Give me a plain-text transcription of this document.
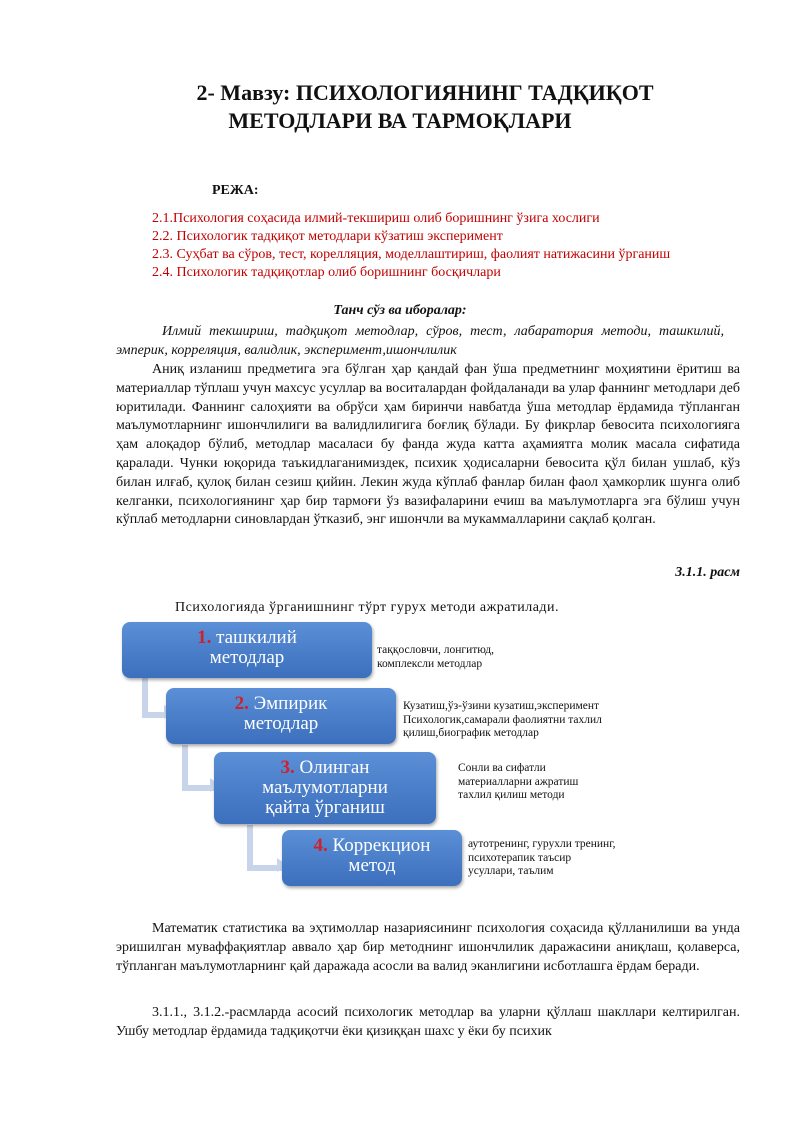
2- Мавзу: ПСИХОЛОГИЯНИНГ ТАДҚИҚОТ
МЕТОДЛАРИ ВА ТАРМОҚЛАРИ
РЕЖА:

2.1.Психология соҳасида илмий-текшириш олиб боришнинг ўзига хослиги

2.2. Психологик тадқиқот методлари кўзатиш эксперимент

2.3. Суҳбат ва сўров, тест, корелляция, моделлаштириш, фаолият натижасини ўрганиш

2.4. Психологик тадқиқотлар олиб боришнинг босқичлари

Танч сўз ва иборалар:
Илмий текшириш, тадқиқот методлар, сўров, тест, лабаратория методи, ташкилий, эмперик, корреляция, валидлик, эксперимент,ишончлилик

Аниқ изланиш предметига эга бўлган ҳар қандай фан ўша предметнинг моҳиятини ёритиш ва материаллар тўплаш учун махсус усуллар ва воситалардан фойдаланади ва улар фаннинг методлари деб юритилади. Фаннинг салоҳияти ва обрўси ҳам биринчи навбатда ўша методлар ёрдамида тўпланган маълумотларнинг ишончлилиги ва валидлилигига боғлиқ бўлади. Бу фикрлар бевосита психологияга ҳам алоқадор бўлиб, методлар масаласи бу фанда жуда катта аҳамиятга молик масала сифатида қаралади. Чунки юқорида таъкидлаганимиздек, психик ҳодисаларни бевосита қўл билан ушлаб, кўз билан илғаб, қулоқ билан сезиш қийин. Лекин жуда кўплаб фанлар билан фаол ҳамкорлик шунга олиб келганки, психологиянинг ҳар бир тармоғи ўз вазифаларини ечиш ва маълумотларга эга бўлиш учун кўплаб методларни синовлардан ўтказиб, энг ишончли ва мукаммалларини сақлаб қолган.

3.1.1. расм
Психологияда ўрганишнинг тўрт гурух методи ажратилади.
1. ташкилий
методлар	таққословчи, лонгитюд,
комплексли методлар
2. Эмпирик
методлар
Кузатиш,ўз-ўзини кузатиш,эксперимент
Психологик,самарали фаолиятни тахлил
қилиш,биографик методлар
3. Олинган
маълумотларни
қайта ўрганиш
Сонли ва сифатли
материалларни ажратиш
тахлил қилиш методи
4. Коррекцион
метод
аутотренинг, гурухли тренинг,
психотерапик таъсир
усуллари, таълим

Математик статистика ва эҳтимоллар назариясининг психология соҳасида қўлланилиши ва унда эришилган муваффақиятлар аввало ҳар бир методнинг ишончлилик даражасини аниқлаш, қолаверса, тўпланган маълумотларнинг қай даражада асосли ва валид эканлигини исботлашга ёрдам беради.

3.1.1., 3.1.2.-расмларда асосий психологик методлар ва уларни қўллаш шакллари келтирилган. Ушбу методлар ёрдамида тадқиқотчи ёки қизиққан шахс у ёки бу психик
